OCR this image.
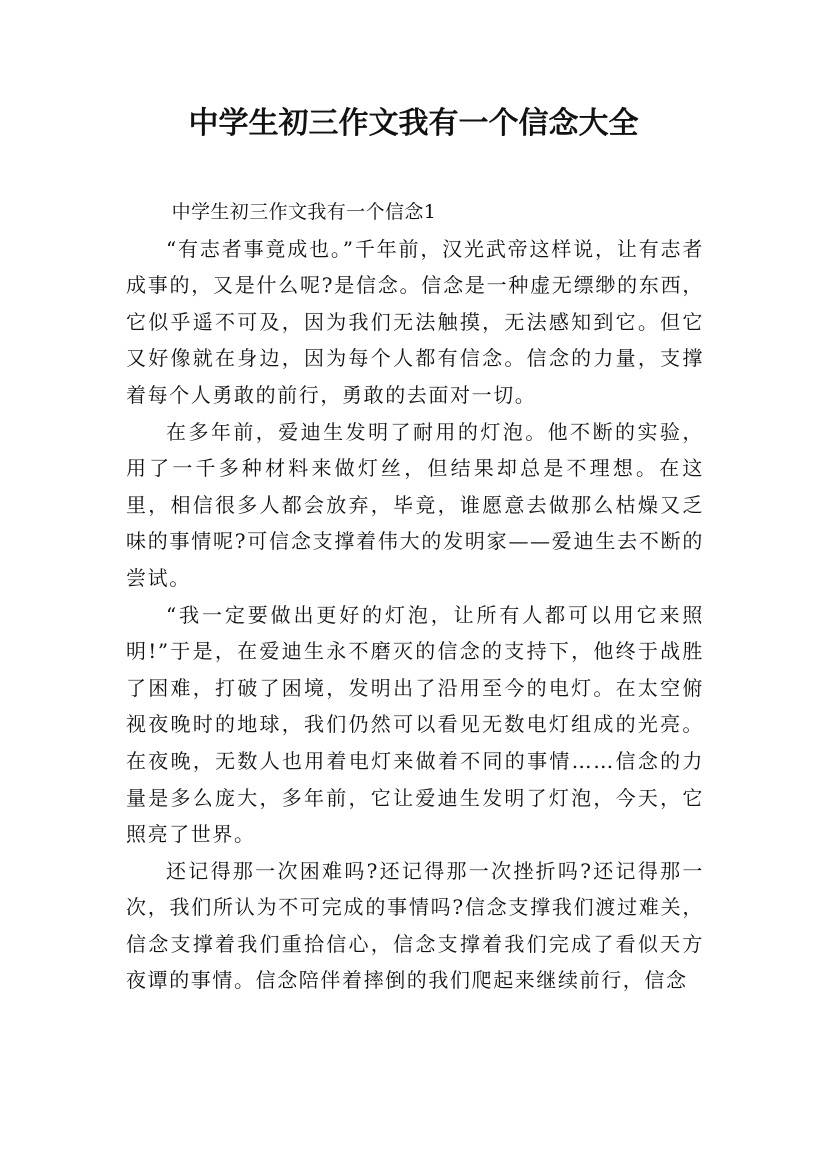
中学生初三作文我有一个信念大全

中学生初三作文我有一个信念1

“有志者事竟成也。”千年前，汉光武帝这样说，让有志者成事的，又是什么呢?是信念。信念是一种虚无缥缈的东西，它似乎遥不可及，因为我们无法触摸，无法感知到它。但它又好像就在身边，因为每个人都有信念。信念的力量，支撑着每个人勇敢的前行，勇敢的去面对一切。

在多年前，爱迪生发明了耐用的灯泡。他不断的实验，用了一千多种材料来做灯丝，但结果却总是不理想。在这里，相信很多人都会放弃，毕竟，谁愿意去做那么枯燥又乏味的事情呢?可信念支撑着伟大的发明家——爱迪生去不断的尝试。

“我一定要做出更好的灯泡，让所有人都可以用它来照明!”于是，在爱迪生永不磨灭的信念的支持下，他终于战胜了困难，打破了困境，发明出了沿用至今的电灯。在太空俯视夜晚时的地球，我们仍然可以看见无数电灯组成的光亮。在夜晚，无数人也用着电灯来做着不同的事情……信念的力量是多么庞大，多年前，它让爱迪生发明了灯泡，今天，它照亮了世界。

还记得那一次困难吗?还记得那一次挫折吗?还记得那一次，我们所认为不可完成的事情吗?信念支撑我们渡过难关，信念支撑着我们重拾信心，信念支撑着我们完成了看似天方夜谭的事情。信念陪伴着摔倒的我们爬起来继续前行，信念
